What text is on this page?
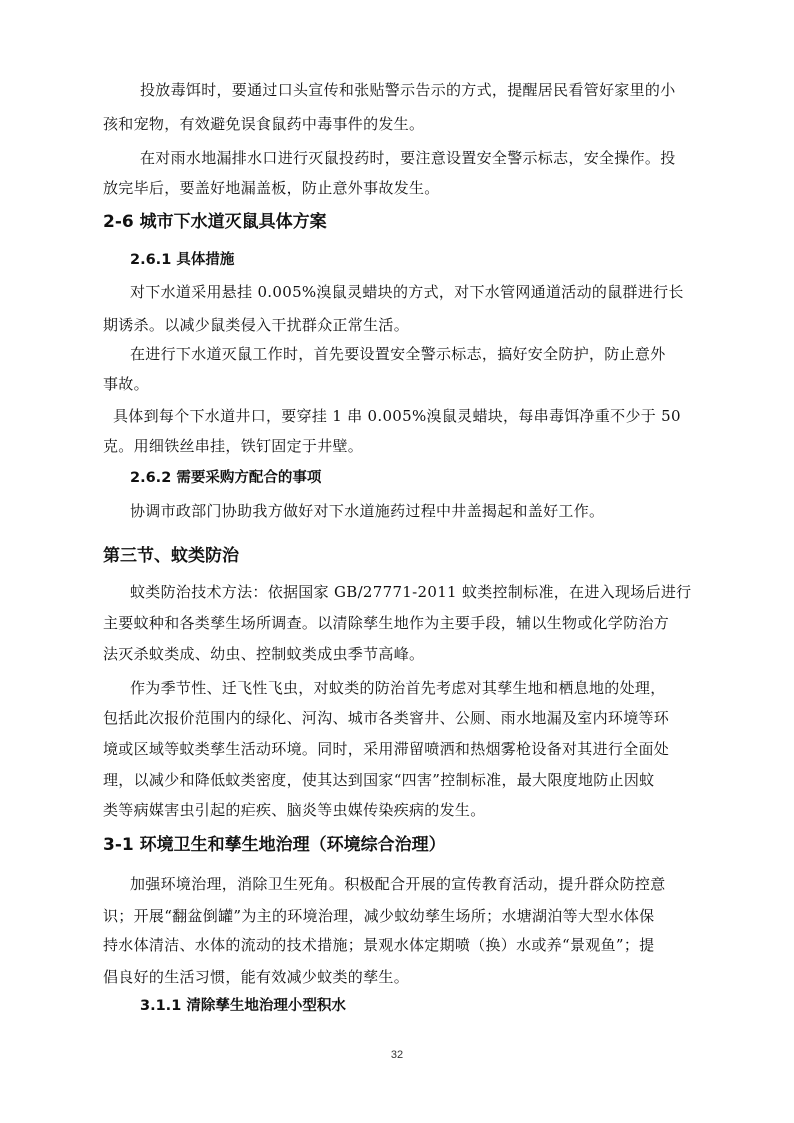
投放毒饵时，要通过口头宣传和张贴警示告示的方式，提醒居民看管好家里的小
孩和宠物，有效避免误食鼠药中毒事件的发生。
在对雨水地漏排水口进行灭鼠投药时，要注意设置安全警示标志，安全操作。投
放完毕后，要盖好地漏盖板，防止意外事故发生。
2-6 城市下水道灭鼠具体方案
2.6.1 具体措施
对下水道采用悬挂 0.005%溴鼠灵蜡块的方式，对下水管网通道活动的鼠群进行长
期诱杀。以减少鼠类侵入干扰群众正常生活。
在进行下水道灭鼠工作时，首先要设置安全警示标志，搞好安全防护，防止意外
事故。
具体到每个下水道井口，要穿挂 1 串 0.005%溴鼠灵蜡块，每串毒饵净重不少于 50
克。用细铁丝串挂，铁钉固定于井壁。
2.6.2 需要采购方配合的事项
协调市政部门协助我方做好对下水道施药过程中井盖揭起和盖好工作。
第三节、蚊类防治
蚊类防治技术方法：依据国家 GB/27771-2011 蚊类控制标准，在进入现场后进行
主要蚊种和各类孳生场所调查。以清除孳生地作为主要手段，辅以生物或化学防治方
法灭杀蚊类成、幼虫、控制蚊类成虫季节高峰。
作为季节性、迁飞性飞虫，对蚊类的防治首先考虑对其孳生地和栖息地的处理，
包括此次报价范围内的绿化、河沟、城市各类窨井、公厕、雨水地漏及室内环境等环
境或区域等蚊类孳生活动环境。同时，采用滞留喷洒和热烟雾枪设备对其进行全面处
理，以减少和降低蚊类密度，使其达到国家“四害”控制标准，最大限度地防止因蚊
类等病媒害虫引起的疟疾、脑炎等虫媒传染疾病的发生。
3-1 环境卫生和孳生地治理（环境综合治理）
加强环境治理，消除卫生死角。积极配合开展的宣传教育活动，提升群众防控意
识；开展“翻盆倒罐”为主的环境治理，减少蚊幼孳生场所；水塘湖泊等大型水体保
持水体清洁、水体的流动的技术措施；景观水体定期喷（换）水或养“景观鱼”；提
倡良好的生活习惯，能有效减少蚊类的孳生。
3.1.1 清除孳生地治理小型积水
32
